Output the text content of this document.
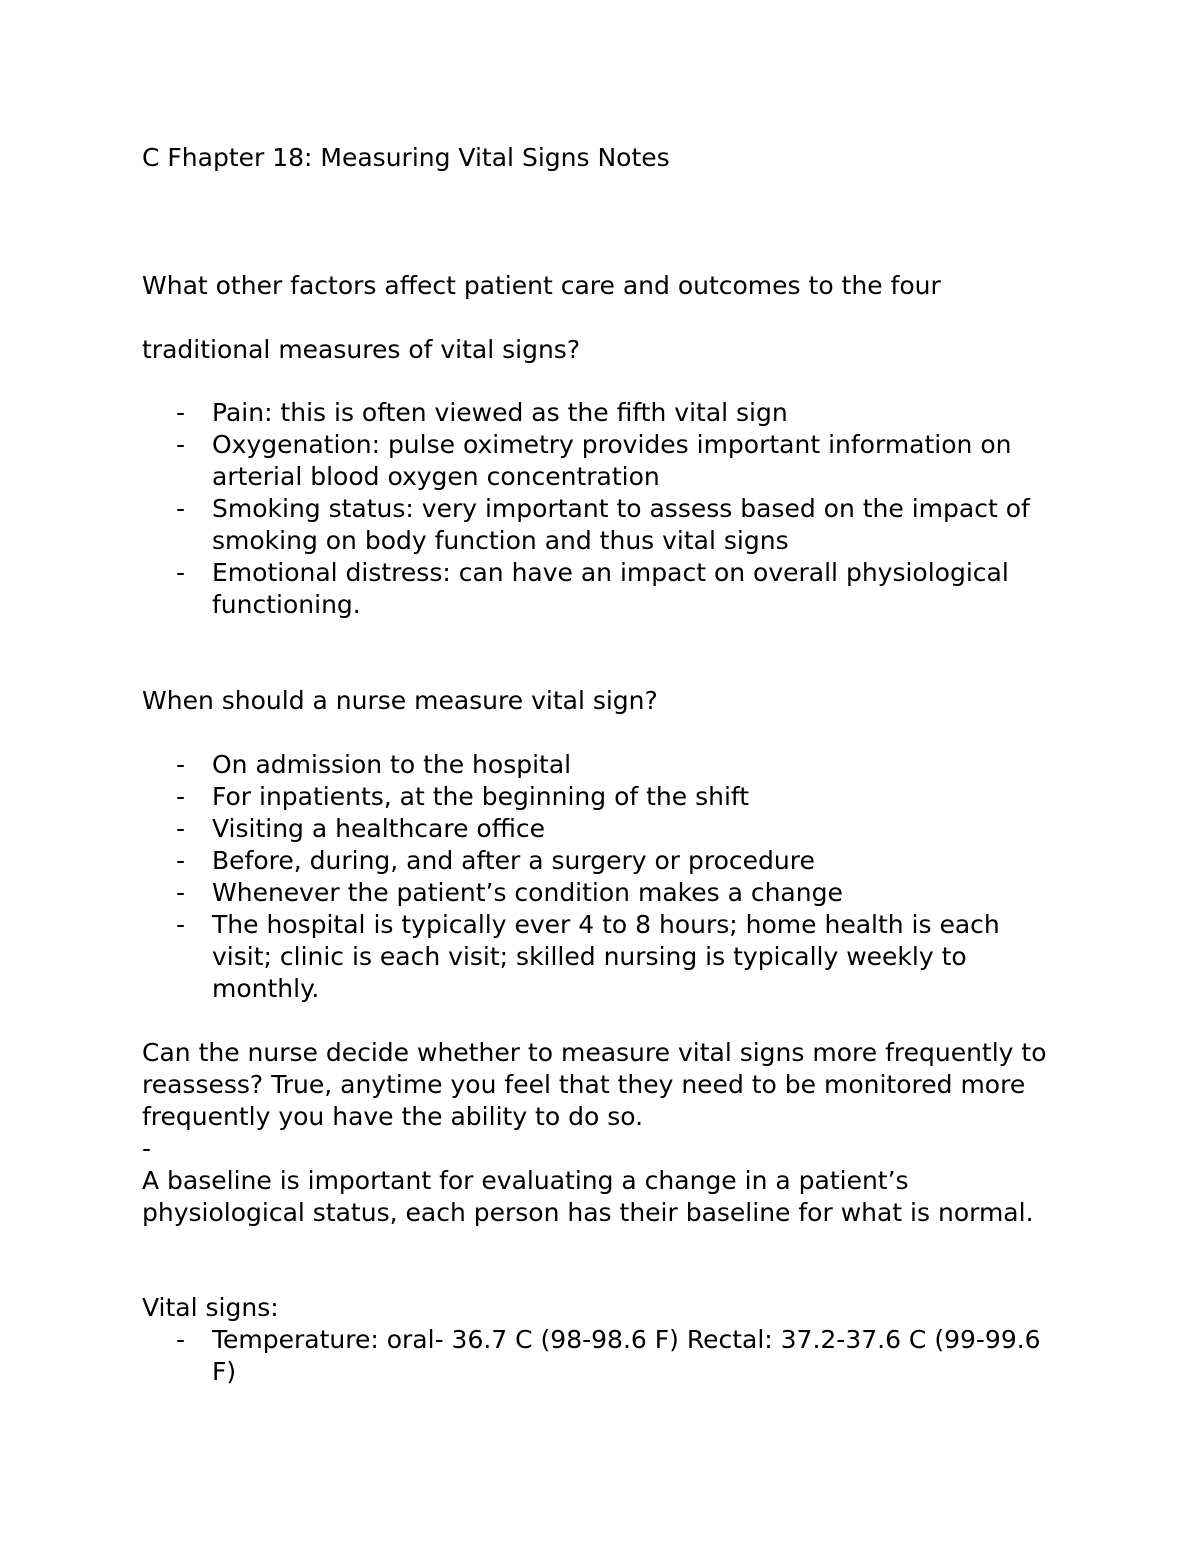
C Fhapter 18: Measuring Vital Signs Notes
What other factors affect patient care and outcomes to the four
traditional measures of vital signs?
- Pain: this is often viewed as the fifth vital sign
- Oxygenation: pulse oximetry provides important information on arterial blood oxygen concentration
- Smoking status: very important to assess based on the impact of smoking on body function and thus vital signs
- Emotional distress: can have an impact on overall physiological functioning.
When should a nurse measure vital sign?
- On admission to the hospital
- For inpatients, at the beginning of the shift
- Visiting a healthcare office
- Before, during, and after a surgery or procedure
- Whenever the patient’s condition makes a change
- The hospital is typically ever 4 to 8 hours; home health is each visit; clinic is each visit; skilled nursing is typically weekly to monthly.
Can the nurse decide whether to measure vital signs more frequently to reassess? True, anytime you feel that they need to be monitored more frequently you have the ability to do so.
-
A baseline is important for evaluating a change in a patient’s physiological status, each person has their baseline for what is normal.
Vital signs:
- Temperature: oral- 36.7 C (98-98.6 F) Rectal: 37.2-37.6 C (99-99.6 F)
